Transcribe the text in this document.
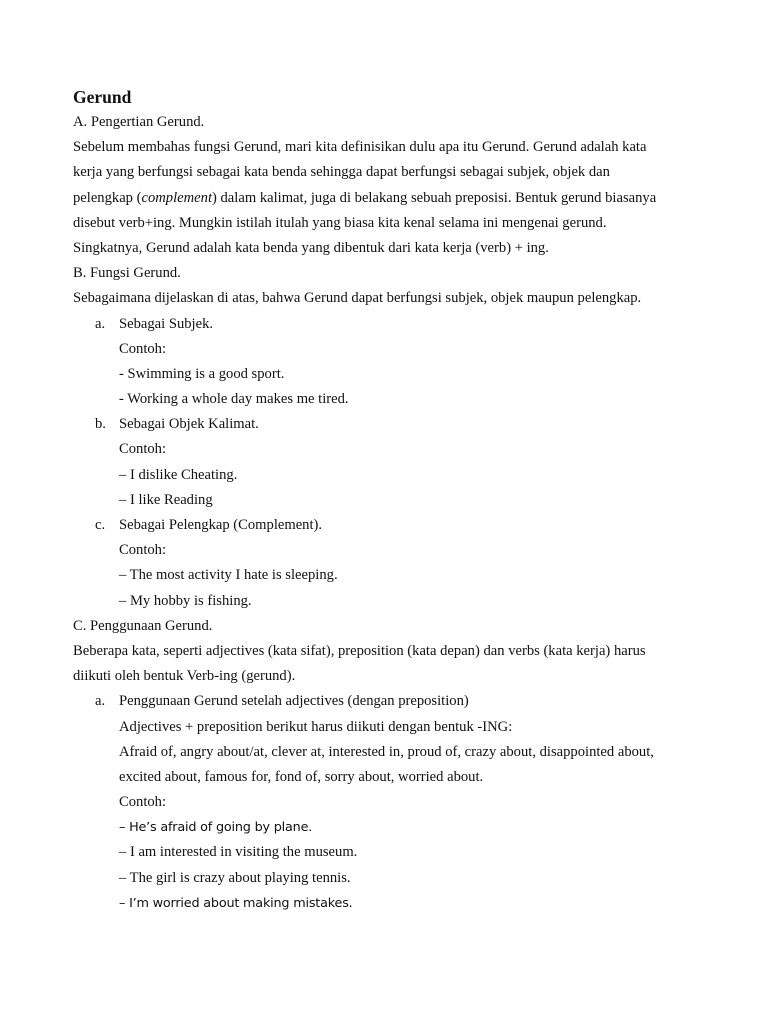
Gerund
A. Pengertian Gerund.
Sebelum membahas fungsi Gerund, mari kita definisikan dulu apa itu Gerund. Gerund adalah kata
kerja yang berfungsi sebagai kata benda sehingga dapat berfungsi sebagai subjek, objek dan
pelengkap (complement) dalam kalimat, juga di belakang sebuah preposisi. Bentuk gerund biasanya
disebut verb+ing. Mungkin istilah itulah yang biasa kita kenal selama ini mengenai gerund.
Singkatnya, Gerund adalah kata benda yang dibentuk dari kata kerja (verb) + ing.
B. Fungsi Gerund.
Sebagaimana dijelaskan di atas, bahwa Gerund dapat berfungsi subjek, objek maupun pelengkap.
a. Sebagai Subjek.
Contoh:
- Swimming is a good sport.
- Working a whole day makes me tired.
b. Sebagai Objek Kalimat.
Contoh:
– I dislike Cheating.
– I like Reading
c. Sebagai Pelengkap (Complement).
Contoh:
– The most activity I hate is sleeping.
– My hobby is fishing.
C. Penggunaan Gerund.
Beberapa kata, seperti adjectives (kata sifat), preposition (kata depan) dan verbs (kata kerja) harus
diikuti oleh bentuk Verb-ing (gerund).
a. Penggunaan Gerund setelah adjectives (dengan preposition)
Adjectives + preposition berikut harus diikuti dengan bentuk -ING:
Afraid of, angry about/at, clever at, interested in, proud of, crazy about, disappointed about,
excited about, famous for, fond of, sorry about, worried about.
Contoh:
– He’s afraid of going by plane.
– I am interested in visiting the museum.
– The girl is crazy about playing tennis.
– I’m worried about making mistakes.
